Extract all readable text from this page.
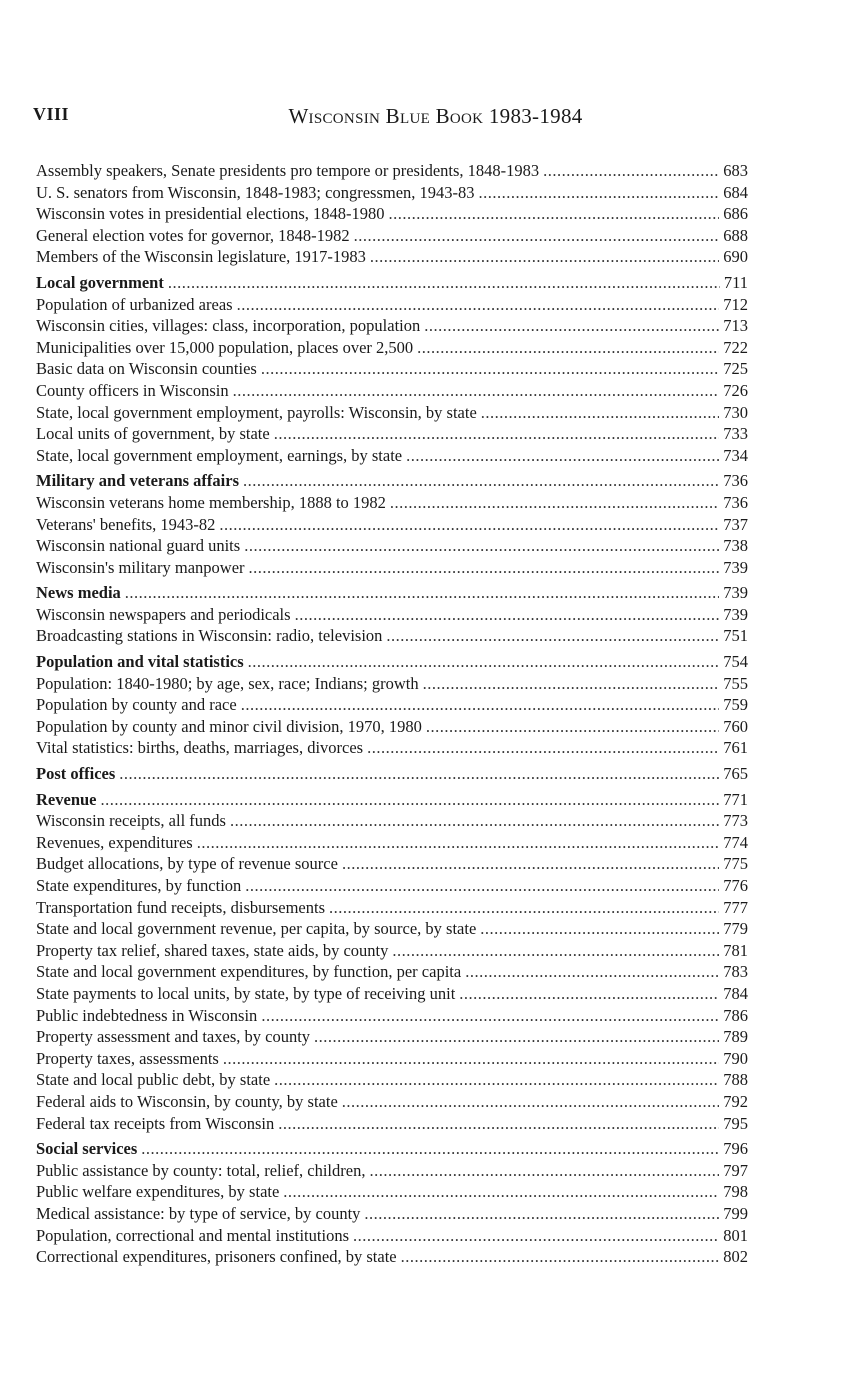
VIII	Wisconsin Blue Book 1983-1984
Assembly speakers, Senate presidents pro tempore or presidents, 1848-1983 .....	683
U. S. senators from Wisconsin, 1848-1983; congressmen, 1943-83 .....	684
Wisconsin votes in presidential elections, 1848-1980 .....	686
General election votes for governor, 1848-1982 .....	688
Members of the Wisconsin legislature, 1917-1983 .....	690
Local government .....	711
Population of urbanized areas .....	712
Wisconsin cities, villages: class, incorporation, population .....	713
Municipalities over 15,000 population, places over 2,500 .....	722
Basic data on Wisconsin counties .....	725
County officers in Wisconsin .....	726
State, local government employment, payrolls: Wisconsin, by state .....	730
Local units of government, by state .....	733
State, local government employment, earnings, by state .....	734
Military and veterans affairs .....	736
Wisconsin veterans home membership, 1888 to 1982 .....	736
Veterans' benefits, 1943-82 .....	737
Wisconsin national guard units .....	738
Wisconsin's military manpower .....	739
News media .....	739
Wisconsin newspapers and periodicals .....	739
Broadcasting stations in Wisconsin: radio, television .....	751
Population and vital statistics .....	754
Population: 1840-1980; by age, sex, race; Indians; growth .....	755
Population by county and race .....	759
Population by county and minor civil division, 1970, 1980 .....	760
Vital statistics: births, deaths, marriages, divorces .....	761
Post offices .....	765
Revenue .....	771
Wisconsin receipts, all funds .....	773
Revenues, expenditures .....	774
Budget allocations, by type of revenue source .....	775
State expenditures, by function .....	776
Transportation fund receipts, disbursements .....	777
State and local government revenue, per capita, by source, by state .....	779
Property tax relief, shared taxes, state aids, by county .....	781
State and local government expenditures, by function, per capita .....	783
State payments to local units, by state, by type of receiving unit .....	784
Public indebtedness in Wisconsin .....	786
Property assessment and taxes, by county .....	789
Property taxes, assessments .....	790
State and local public debt, by state .....	788
Federal aids to Wisconsin, by county, by state .....	792
Federal tax receipts from Wisconsin .....	795
Social services .....	796
Public assistance by county: total, relief, children, .....	797
Public welfare expenditures, by state .....	798
Medical assistance: by type of service, by county .....	799
Population, correctional and mental institutions .....	801
Correctional expenditures, prisoners confined, by state .....	802
